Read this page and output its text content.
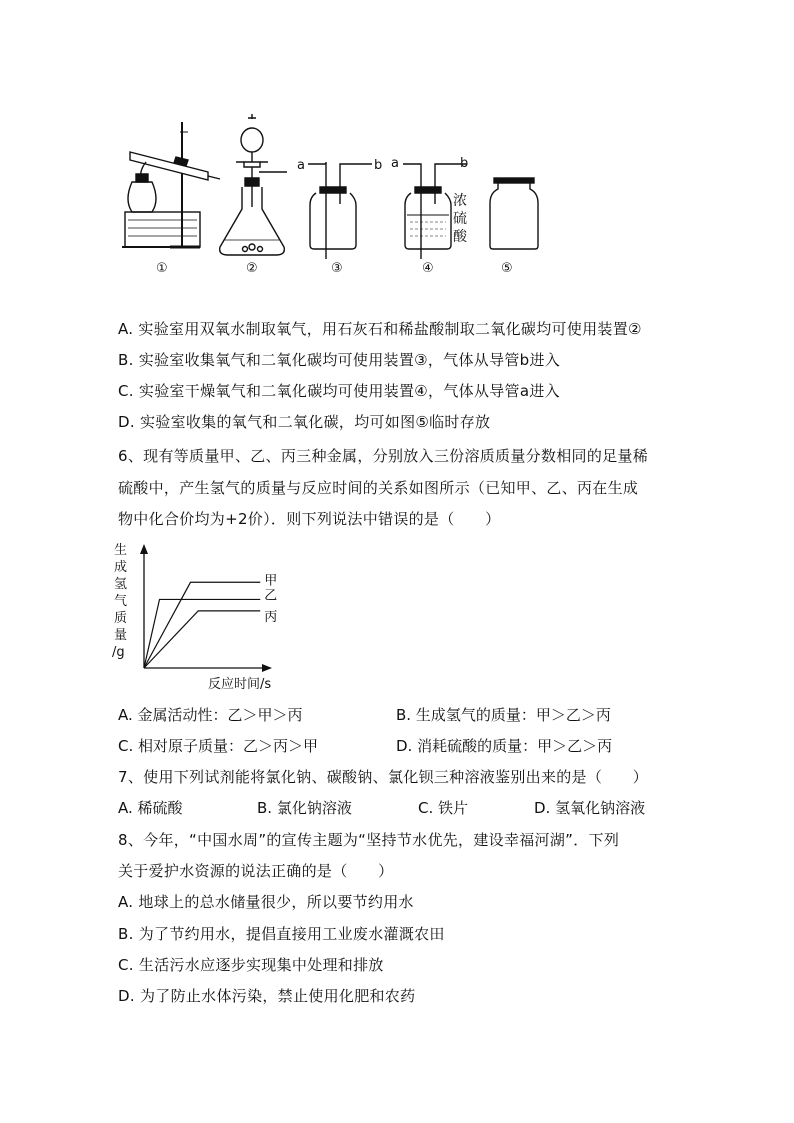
a	b a	b
浓
硫
酸
①	②	③	④	⑤
A. 实验室用双氧水制取氧气，用石灰石和稀盐酸制取二氧化碳均可使用装置②
B. 实验室收集氧气和二氧化碳均可使用装置③，气体从导管b进入
C. 实验室干燥氧气和二氧化碳均可使用装置④，气体从导管a进入
D. 实验室收集的氧气和二氧化碳，均可如图⑤临时存放
6、现有等质量甲、乙、丙三种金属，分别放入三份溶质质量分数相同的足量稀
硫酸中，产生氢气的质量与反应时间的关系如图所示（已知甲、乙、丙在生成
物中化合价均为+2价）．则下列说法中错误的是（　　）
生
成
氢
气
质
量
/g
甲
乙
丙
反应时间/s
A. 金属活动性：乙＞甲＞丙	B. 生成氢气的质量：甲＞乙＞丙
C. 相对原子质量：乙＞丙＞甲	D. 消耗硫酸的质量：甲＞乙＞丙
7、使用下列试剂能将氯化钠、碳酸钠、氯化钡三种溶液鉴别出来的是（　　）
A. 稀硫酸	B. 氯化钠溶液	C. 铁片	D. 氢氧化钠溶液
8、今年，“中国水周”的宣传主题为“坚持节水优先，建设幸福河湖”．下列
关于爱护水资源的说法正确的是（　　）
A. 地球上的总水储量很少，所以要节约用水
B. 为了节约用水，提倡直接用工业废水灌溉农田
C. 生活污水应逐步实现集中处理和排放
D. 为了防止水体污染，禁止使用化肥和农药
